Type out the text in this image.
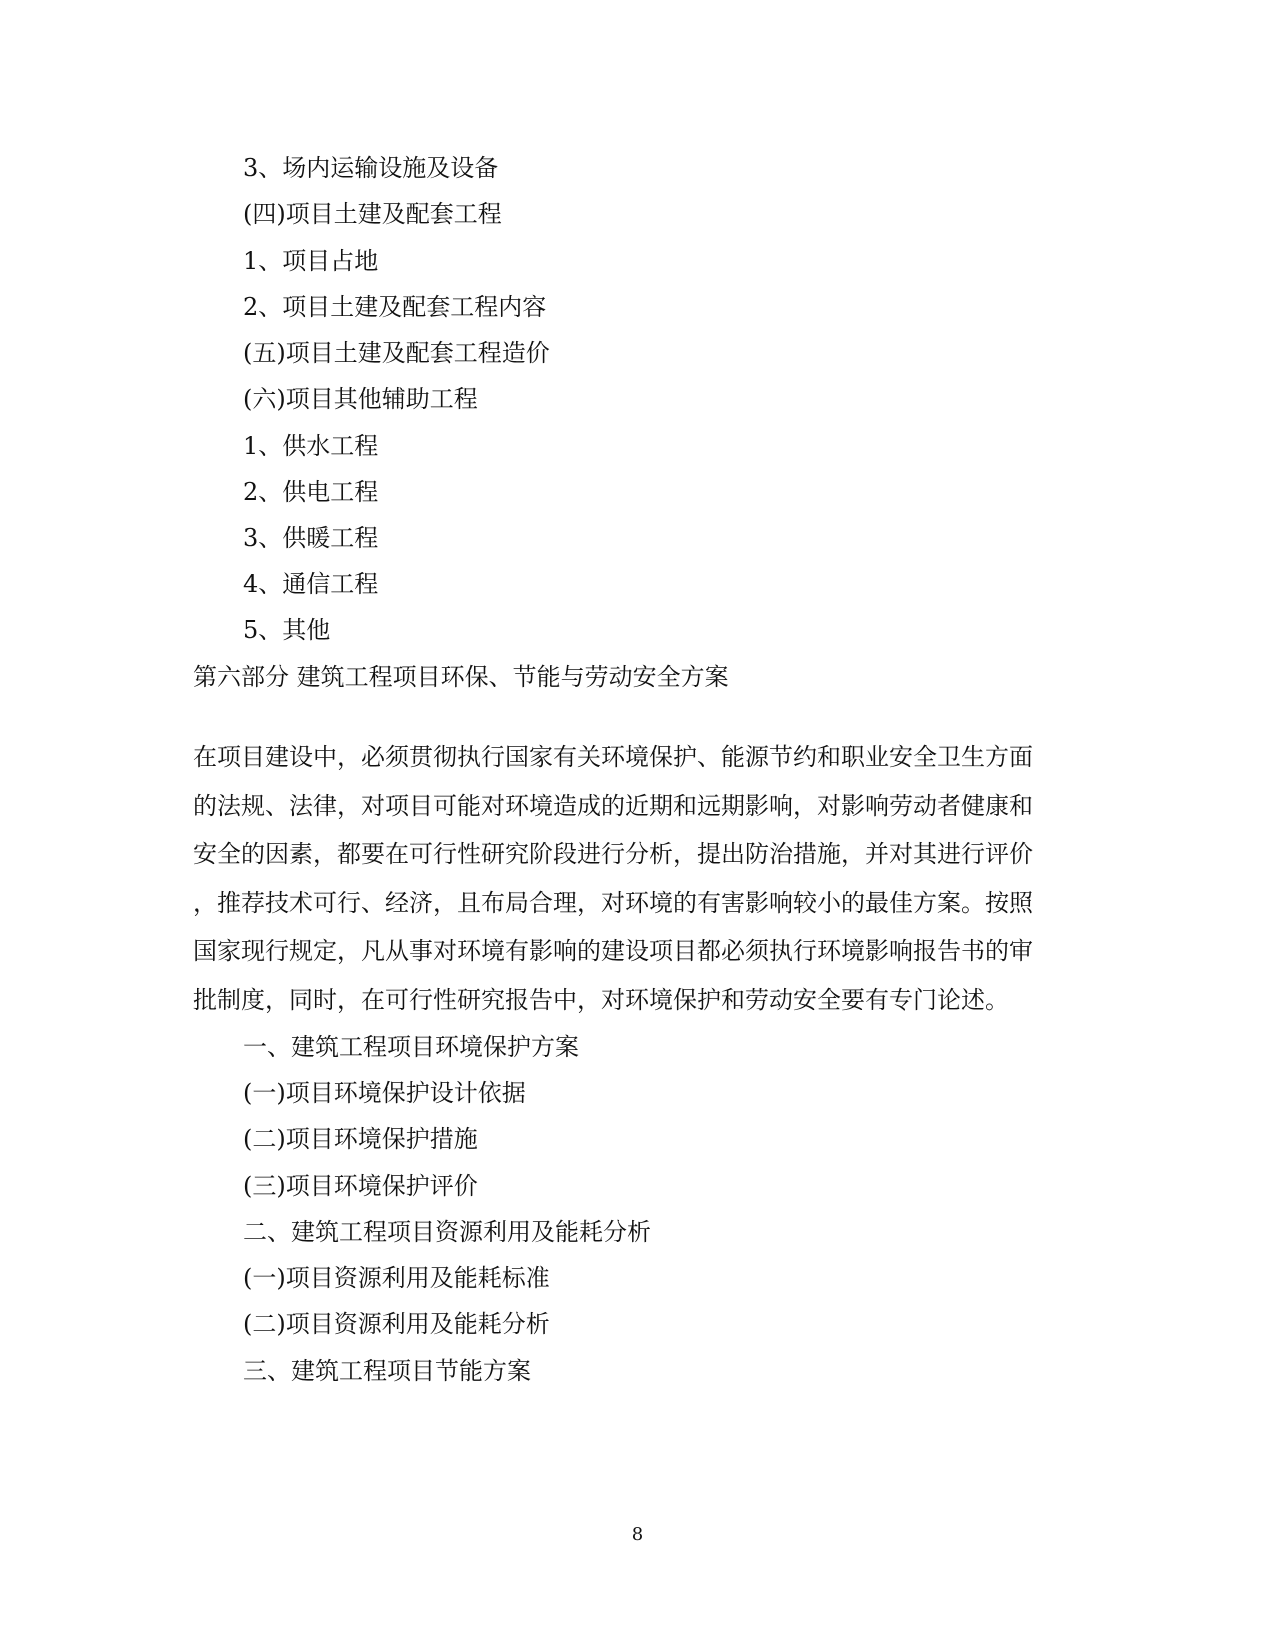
3、场内运输设施及设备
(四)项目土建及配套工程
1、项目占地
2、项目土建及配套工程内容
(五)项目土建及配套工程造价
(六)项目其他辅助工程
1、供水工程
2、供电工程
3、供暖工程
4、通信工程
5、其他
第六部分 建筑工程项目环保、节能与劳动安全方案
在项目建设中，必须贯彻执行国家有关环境保护、能源节约和职业安全卫生方面
的法规、法律，对项目可能对环境造成的近期和远期影响，对影响劳动者健康和
安全的因素，都要在可行性研究阶段进行分析，提出防治措施，并对其进行评价
，推荐技术可行、经济，且布局合理，对环境的有害影响较小的最佳方案。按照
国家现行规定，凡从事对环境有影响的建设项目都必须执行环境影响报告书的审
批制度，同时，在可行性研究报告中，对环境保护和劳动安全要有专门论述。
一、建筑工程项目环境保护方案
(一)项目环境保护设计依据
(二)项目环境保护措施
(三)项目环境保护评价
二、建筑工程项目资源利用及能耗分析
(一)项目资源利用及能耗标准
(二)项目资源利用及能耗分析
三、建筑工程项目节能方案
8
